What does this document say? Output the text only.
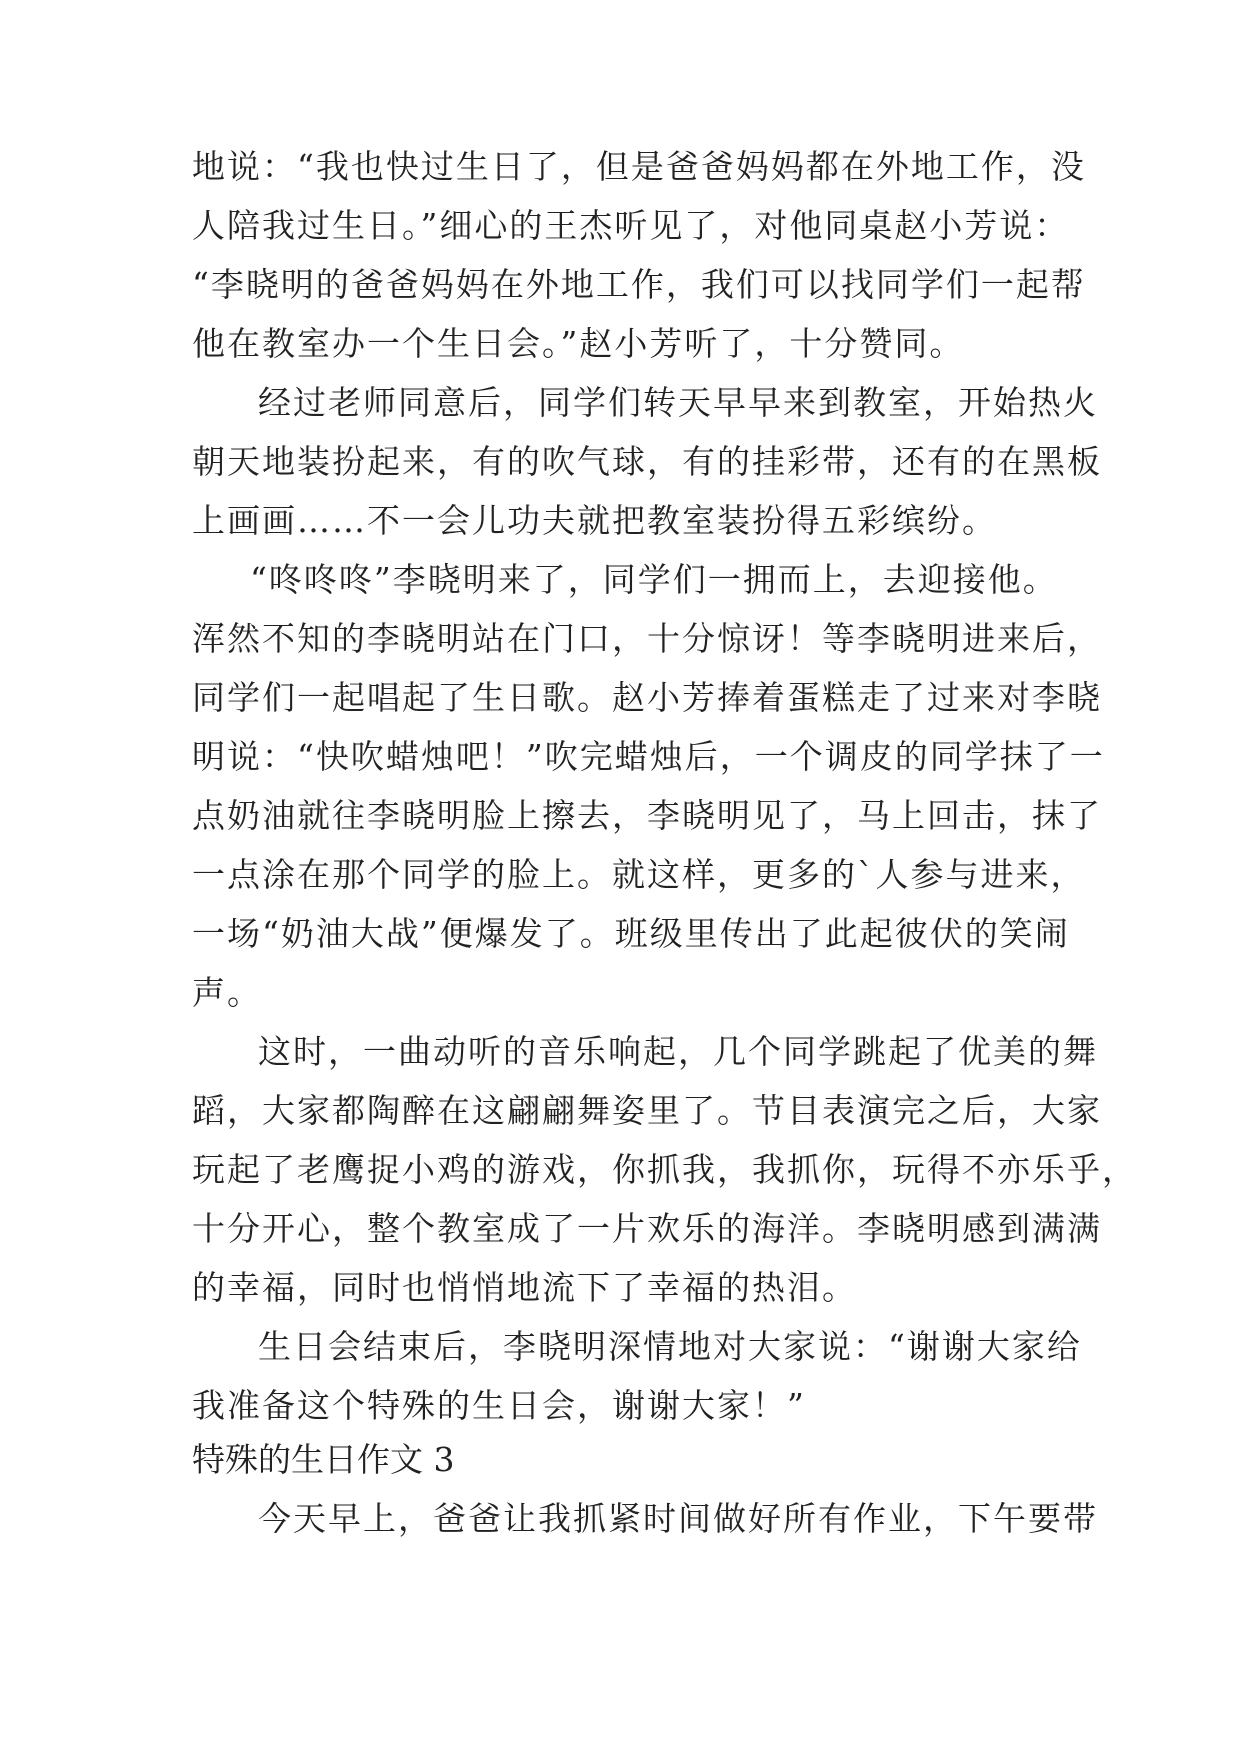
地说：“我也快过生日了，但是爸爸妈妈都在外地工作，没
人陪我过生日。”细心的王杰听见了，对他同桌赵小芳说：
“李晓明的爸爸妈妈在外地工作，我们可以找同学们一起帮
他在教室办一个生日会。”赵小芳听了，十分赞同。
经过老师同意后，同学们转天早早来到教室，开始热火
朝天地装扮起来，有的吹气球，有的挂彩带，还有的在黑板
上画画……不一会儿功夫就把教室装扮得五彩缤纷。
“咚咚咚”李晓明来了，同学们一拥而上，去迎接他。
浑然不知的李晓明站在门口，十分惊讶！等李晓明进来后，
同学们一起唱起了生日歌。赵小芳捧着蛋糕走了过来对李晓
明说：“快吹蜡烛吧！”吹完蜡烛后，一个调皮的同学抹了一
点奶油就往李晓明脸上擦去，李晓明见了，马上回击，抹了
一点涂在那个同学的脸上。就这样，更多的`人参与进来，
一场“奶油大战”便爆发了。班级里传出了此起彼伏的笑闹
声。
这时，一曲动听的音乐响起，几个同学跳起了优美的舞
蹈，大家都陶醉在这翩翩舞姿里了。节目表演完之后，大家
玩起了老鹰捉小鸡的游戏，你抓我，我抓你，玩得不亦乐乎，
十分开心，整个教室成了一片欢乐的海洋。李晓明感到满满
的幸福，同时也悄悄地流下了幸福的热泪。
生日会结束后，李晓明深情地对大家说：“谢谢大家给
我准备这个特殊的生日会，谢谢大家！”
特殊的生日作文 3
今天早上，爸爸让我抓紧时间做好所有作业，下午要带
